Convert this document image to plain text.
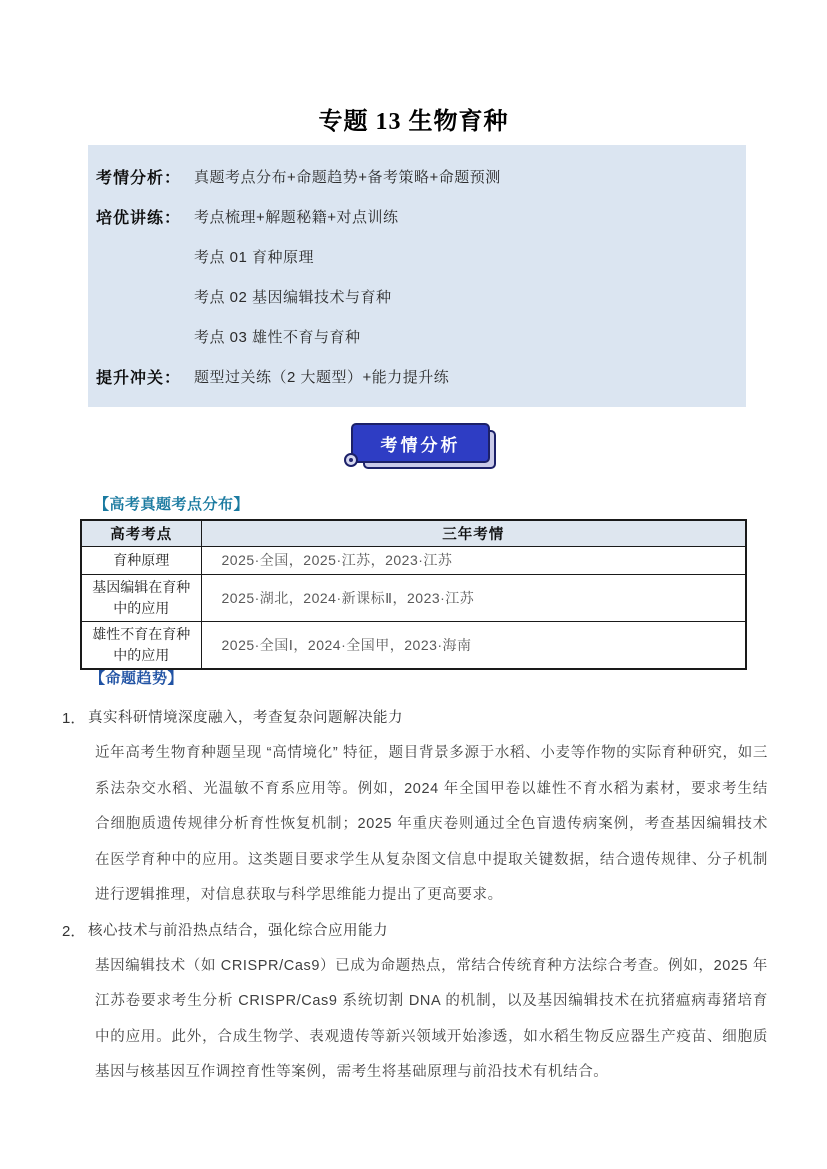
专题 13 生物育种
考情分析： 真题考点分布+命题趋势+备考策略+命题预测
培优讲练： 考点梳理+解题秘籍+对点训练
考点 01 育种原理
考点 02 基因编辑技术与育种
考点 03 雄性不育与育种
提升冲关： 题型过关练（2 大题型）+能力提升练
考情分析
【高考真题考点分布】
高考考点	三年考情
育种原理	2025·全国，2025·江苏，2023·江苏
基因编辑在育种中的应用	2025·湖北，2024·新课标Ⅱ，2023·江苏
雄性不育在育种中的应用	2025·全国Ⅰ，2024·全国甲，2023·海南
【命题趋势】
1． 真实科研情境深度融入，考查复杂问题解决能力
近年高考生物育种题呈现 “高情境化” 特征，题目背景多源于水稻、小麦等作物的实际育种研究，如三系法杂交水稻、光温敏不育系应用等。例如，2024 年全国甲卷以雄性不育水稻为素材，要求考生结合细胞质遗传规律分析育性恢复机制；2025 年重庆卷则通过全色盲遗传病案例，考查基因编辑技术在医学育种中的应用。这类题目要求学生从复杂图文信息中提取关键数据，结合遗传规律、分子机制进行逻辑推理，对信息获取与科学思维能力提出了更高要求。
2． 核心技术与前沿热点结合，强化综合应用能力
基因编辑技术（如 CRISPR/Cas9）已成为命题热点，常结合传统育种方法综合考查。例如，2025 年江苏卷要求考生分析 CRISPR/Cas9 系统切割 DNA 的机制，以及基因编辑技术在抗猪瘟病毒猪培育中的应用。此外，合成生物学、表观遗传等新兴领域开始渗透，如水稻生物反应器生产疫苗、细胞质基因与核基因互作调控育性等案例，需考生将基础原理与前沿技术有机结合。
